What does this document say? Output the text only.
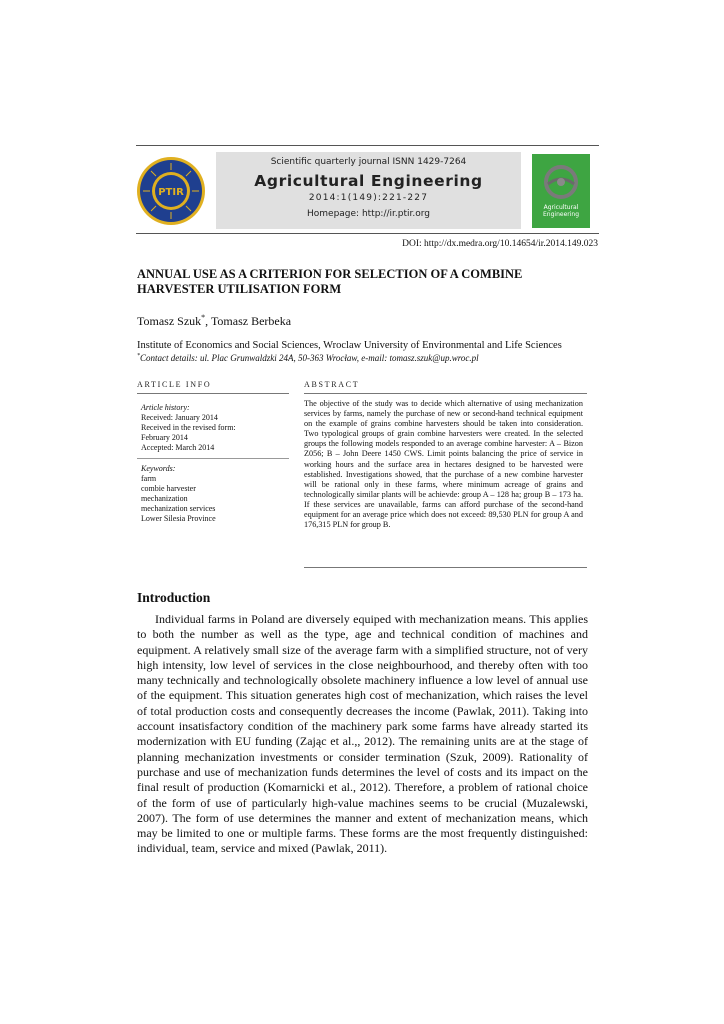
PTIR
Scientific quarterly journal ISNN 1429-7264
Agricultural Engineering
2014:1(149):221-227
Homepage: http://ir.ptir.org
Agricultural Engineering
DOI: http://dx.medra.org/10.14654/ir.2014.149.023
ANNUAL USE AS A CRITERION FOR SELECTION OF A COMBINE
HARVESTER UTILISATION FORM
Tomasz Szuk*, Tomasz Berbeka
Institute of Economics and Social Sciences, Wroclaw University of Environmental and Life Sciences
*Contact details: ul. Plac Grunwaldzki 24A, 50-363 Wrocław, e-mail: tomasz.szuk@up.wroc.pl
ARTICLE INFO	ABSTRACT
Article history:
Received: January 2014
Received in the revised form:
February 2014
Accepted: March 2014
Keywords:
farm
combie harvester
mechanization
mechanization services
Lower Silesia Province
The objective of the study was to decide which alternative of using mechanization services by farms, namely the purchase of new or second-hand technical equipment on the example of grains combine harvesters should be taken into consideration. Two typological groups of grain combine harvesters were created. In the selected groups the following models responded to an average combine harvester: A – Bizon Z056; B – John Deere 1450 CWS. Limit points balancing the price of service in working hours and the surface area in hectares designed to be harvested were established. Investigations showed, that the purchase of a new combine harvester will be rational only in these farms, where minimum acreage of grains and technologically similar plants will be achievde: group A – 128 ha; group B – 173 ha. If these services are unavailable, farms can afford purchase of the second-hand equipment for an average price which does not exceed: 89,530 PLN for group A and 176,315 PLN for group B.
Introduction

Individual farms in Poland are diversely equiped with mechanization means. This applies to both the number as well as the type, age and technical condition of machines and equipment. A relatively small size of the average farm with a simplified structure, not of very high intensity, low level of services in the close neighbourhood, and thereby often with too many technically and technologically obsolete machinery influence a low level of annual use of the equipment. This situation generates high cost of mechanization, which raises the level of total production costs and consequently decreases the income (Pawlak, 2011). Taking into account insatisfactory condition of the machinery park some farms have already started its modernization with EU funding (Zając et al.,, 2012). The remaining units are at the stage of planning mechanization investments or consider termination (Szuk, 2009). Rationality of purchase and use of mechanization funds determines the level of costs and its impact on the final result of production (Komarnicki et al., 2012). Therefore, a problem of rational choice of the form of use of particularly high-value machines seems to be crucial (Muzalewski, 2007). The form of use determines the manner and extent of mechanization means, which may be limited to one or multiple farms. These forms are the most frequently distinguished: individual, team, service and mixed (Pawlak, 2011).
